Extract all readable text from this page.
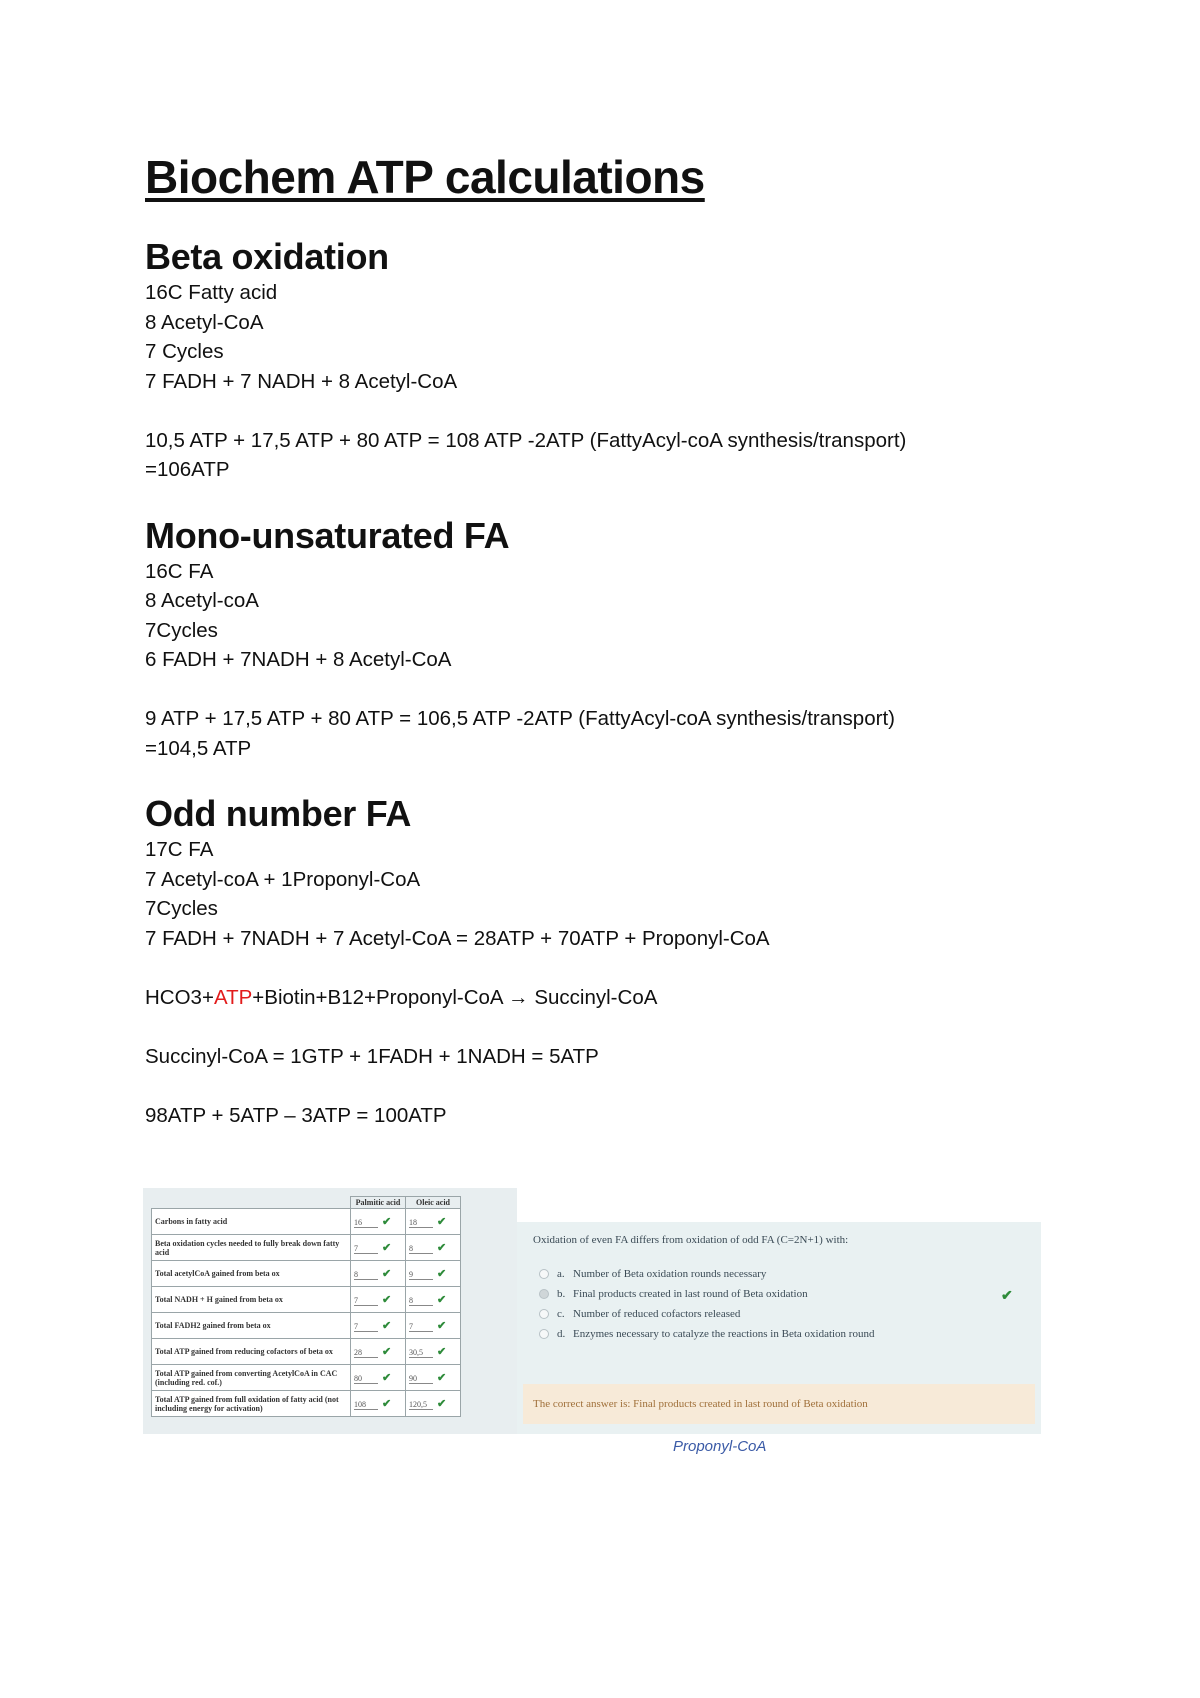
Biochem ATP calculations
Beta oxidation
16C Fatty acid
8 Acetyl-CoA
7 Cycles
7 FADH + 7 NADH + 8 Acetyl-CoA
10,5 ATP + 17,5 ATP + 80 ATP = 108 ATP -2ATP (FattyAcyl-coA synthesis/transport)
=106ATP
Mono-unsaturated FA
16C FA
8 Acetyl-coA
7Cycles
6 FADH + 7NADH + 8 Acetyl-CoA
9 ATP + 17,5 ATP + 80 ATP = 106,5 ATP -2ATP (FattyAcyl-coA synthesis/transport)
=104,5 ATP
Odd number FA
17C FA
7 Acetyl-coA + 1Proponyl-CoA
7Cycles
7 FADH + 7NADH + 7 Acetyl-CoA = 28ATP + 70ATP + Proponyl-CoA
HCO3+ATP+Biotin+B12+Proponyl-CoA → Succinyl-CoA
Succinyl-CoA = 1GTP + 1FADH + 1NADH = 5ATP
98ATP + 5ATP – 3ATP = 100ATP
	Palmitic acid	Oleic acid
Carbons in fatty acid	16 ✔	18 ✔
Beta oxidation cycles needed to fully break down fatty acid	7 ✔	8 ✔
Total acetylCoA gained from beta ox	8 ✔	9 ✔
Total NADH + H gained from beta ox	7 ✔	8 ✔
Total FADH2 gained from beta ox	7 ✔	7 ✔
Total ATP gained from reducing cofactors of beta ox	28 ✔	30,5 ✔
Total ATP gained from converting AcetylCoA in CAC (including red. cof.)	80 ✔	90 ✔
Total ATP gained from full oxidation of fatty acid (not including energy for activation)	108 ✔	120,5 ✔
Oxidation of even FA differs from oxidation of odd FA (C=2N+1) with:
a. Number of Beta oxidation rounds necessary
b. Final products created in last round of Beta oxidation
c. Number of reduced cofactors released
d. Enzymes necessary to catalyze the reactions in Beta oxidation round
✔
The correct answer is: Final products created in last round of Beta oxidation
Proponyl-CoA
